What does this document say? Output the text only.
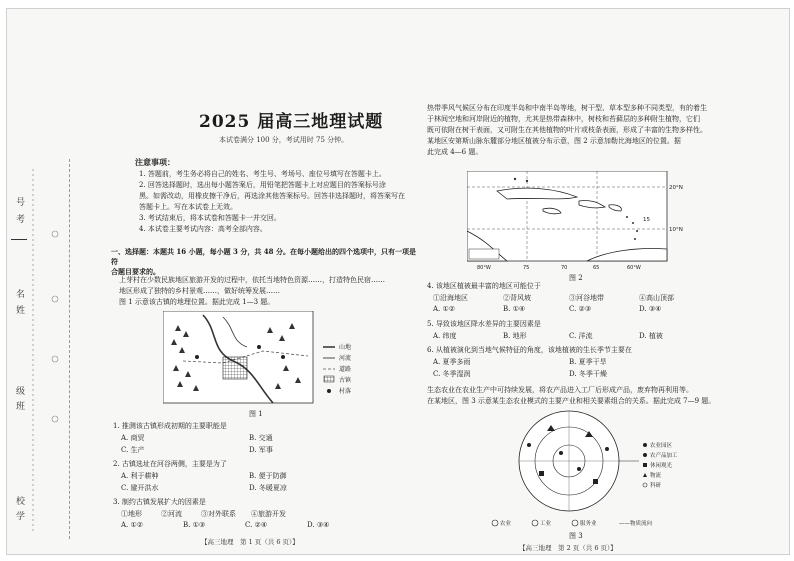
号
考
名
姓
级
班
校
学
2025 届高三地理试题
本试卷满分 100 分，考试用时 75 分钟。
注意事项：
1. 答题前，考生务必将自己的姓名、考生号、考场号、座位号填写在答题卡上。
2. 回答选择题时，选出每小题答案后，用铅笔把答题卡上对应题目的答案标号涂
黑。如需改动，用橡皮擦干净后，再选涂其他答案标号。回答非选择题时，将答案写在
答题卡上。写在本试卷上无效。
3. 考试结束后，将本试卷和答题卡一并交回。
4. 本试卷主要考试内容：高考全部内容。
一、选择题：本题共 16 小题，每小题 3 分，共 48 分。在每小题给出的四个选项中，只有一项是符
合题目要求的。
上芽村在少数民族地区旅游开发的过程中，依托当地特色资源……，打造特色民宿……
地区形成了独特的乡村景观……，做好统筹发展……
图 1 示意该古镇的地理位置。据此完成 1—3 题。
山地
河流
道路
古镇
村落
图 1
1. 推测该古镇形成初期的主要职能是
A. 商贸	B. 交通
C. 生产	D. 军事
2. 古镇选址在河谷两侧，主要是为了
A. 利于耕种	B. 便于防御
C. 避开洪水	D. 冬暖夏凉
3. 制约古镇发展扩大的因素是
①地形	②河流	③对外联系 ④旅游开发
A. ①②	B. ①③	C. ②④	D. ③④
【高三地理　第 1 页（共 6 页）】
热带季风气候区分布在印度半岛和中南半岛等地，树干型、草本型多种不同类型，有的着生
于林间空地和河岸附近的植物，尤其是热带森林中，树枝和苔藓层的多种附生植物，它们
既可依附在树干表面，又可附生在其他植物的叶片或枝条表面，形成了丰富的生物多样性。
某地区安第斯山脉东麓部分地区植被分布示意，图 2 示意加勒比海地区的位置。据
此完成 4—6 题。
20°N
15
10°N
80°W	75	70	65	60°W
图 2
4. 该地区植被最丰富的地区可能位于
①沿海地区	②背风坡	③河谷地带	④高山顶部
A. ①②	B. ①④	C. ②③	D. ③④
5. 导致该地区降水差异的主要因素是
A. 纬度	B. 地形	C. 洋流	D. 植被
6. 从植被演化到当地气候特征的角度，该地植被的生长季节主要在
A. 夏季多雨	B. 夏季干旱
C. 冬季湿润	D. 冬季干燥
生态农业在农业生产中可持续发展，将农产品进入工厂后形成产品，废弃物再利用等。
在某地区，图 3 示意某生态农业模式的主要产业和相关要素组合的关系。据此完成 7—9 题。
农业园区
农产品加工
休闲观光
物流
科研
农业	工业	服务业	——物质流向
图 3
【高三地理　第 2 页（共 6 页）】
